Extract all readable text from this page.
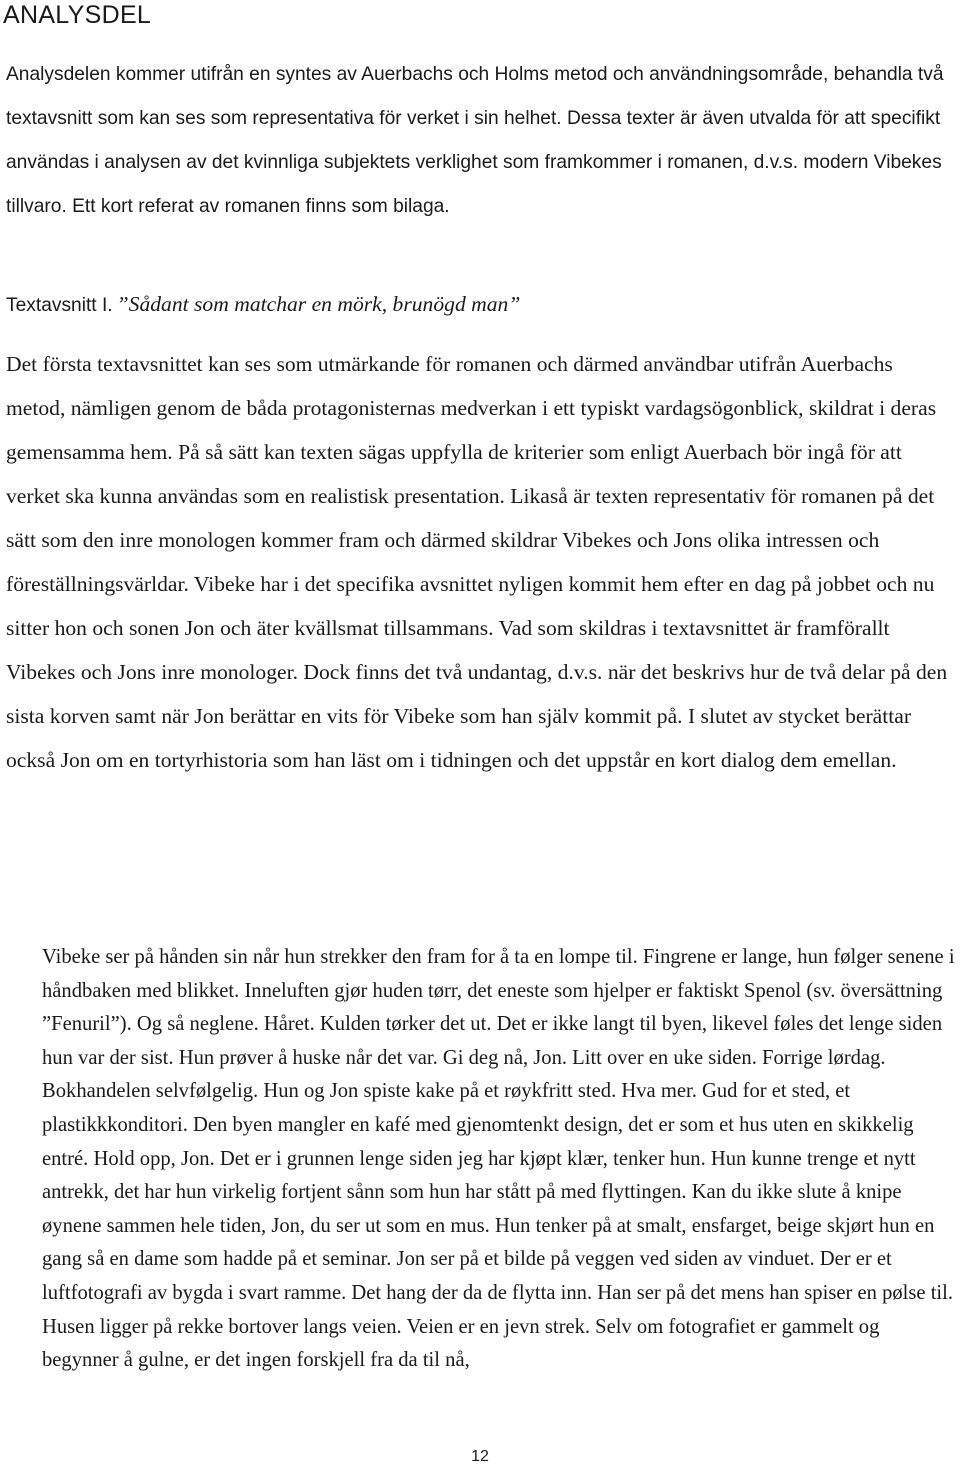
ANALYSDEL

Analysdelen kommer utifrån en syntes av Auerbachs och Holms metod och användningsområde, behandla två textavsnitt som kan ses som representativa för verket i sin helhet. Dessa texter är även utvalda för att specifikt användas i analysen av det kvinnliga subjektets verklighet som framkommer i romanen, d.v.s. modern Vibekes tillvaro. Ett kort referat av romanen finns som bilaga.

Textavsnitt I. ”Sådant som matchar en mörk, brunögd man”

Det första textavsnittet kan ses som utmärkande för romanen och därmed användbar utifrån Auerbachs metod, nämligen genom de båda protagonisternas medverkan i ett typiskt vardagsögonblick, skildrat i deras gemensamma hem. På så sätt kan texten sägas uppfylla de kriterier som enligt Auerbach bör ingå för att verket ska kunna användas som en realistisk presentation. Likaså är texten representativ för romanen på det sätt som den inre monologen kommer fram och därmed skildrar Vibekes och Jons olika intressen och föreställningsvärldar. Vibeke har i det specifika avsnittet nyligen kommit hem efter en dag på jobbet och nu sitter hon och sonen Jon och äter kvällsmat tillsammans. Vad som skildras i textavsnittet är framförallt Vibekes och Jons inre monologer. Dock finns det två undantag, d.v.s. när det beskrivs hur de två delar på den sista korven samt när Jon berättar en vits för Vibeke som han själv kommit på. I slutet av stycket berättar också Jon om en tortyrhistoria som han läst om i tidningen och det uppstår en kort dialog dem emellan.

Vibeke ser på hånden sin når hun strekker den fram for å ta en lompe til. Fingrene er lange, hun følger senene i håndbaken med blikket. Inneluften gjør huden tørr, det eneste som hjelper er faktiskt Spenol (sv. översättning ”Fenuril”). Og så neglene. Håret. Kulden tørker det ut. Det er ikke langt til byen, likevel føles det lenge siden hun var der sist. Hun prøver å huske når det var. Gi deg nå, Jon. Litt over en uke siden. Forrige lørdag. Bokhandelen selvfølgelig. Hun og Jon spiste kake på et røykfritt sted. Hva mer. Gud for et sted, et plastikkkonditori. Den byen mangler en kafé med gjenomtenkt design, det er som et hus uten en skikkelig entré. Hold opp, Jon. Det er i grunnen lenge siden jeg har kjøpt klær, tenker hun. Hun kunne trenge et nytt antrekk, det har hun virkelig fortjent sånn som hun har stått på med flyttingen. Kan du ikke slute å knipe øynene sammen hele tiden, Jon, du ser ut som en mus. Hun tenker på at smalt, ensfarget, beige skjørt hun en gang så en dame som hadde på et seminar. Jon ser på et bilde på veggen ved siden av vinduet. Der er et luftfotografi av bygda i svart ramme. Det hang der da de flytta inn. Han ser på det mens han spiser en pølse til. Husen ligger på rekke bortover langs veien. Veien er en jevn strek. Selv om fotografiet er gammelt og begynner å gulne, er det ingen forskjell fra da til nå,

12
